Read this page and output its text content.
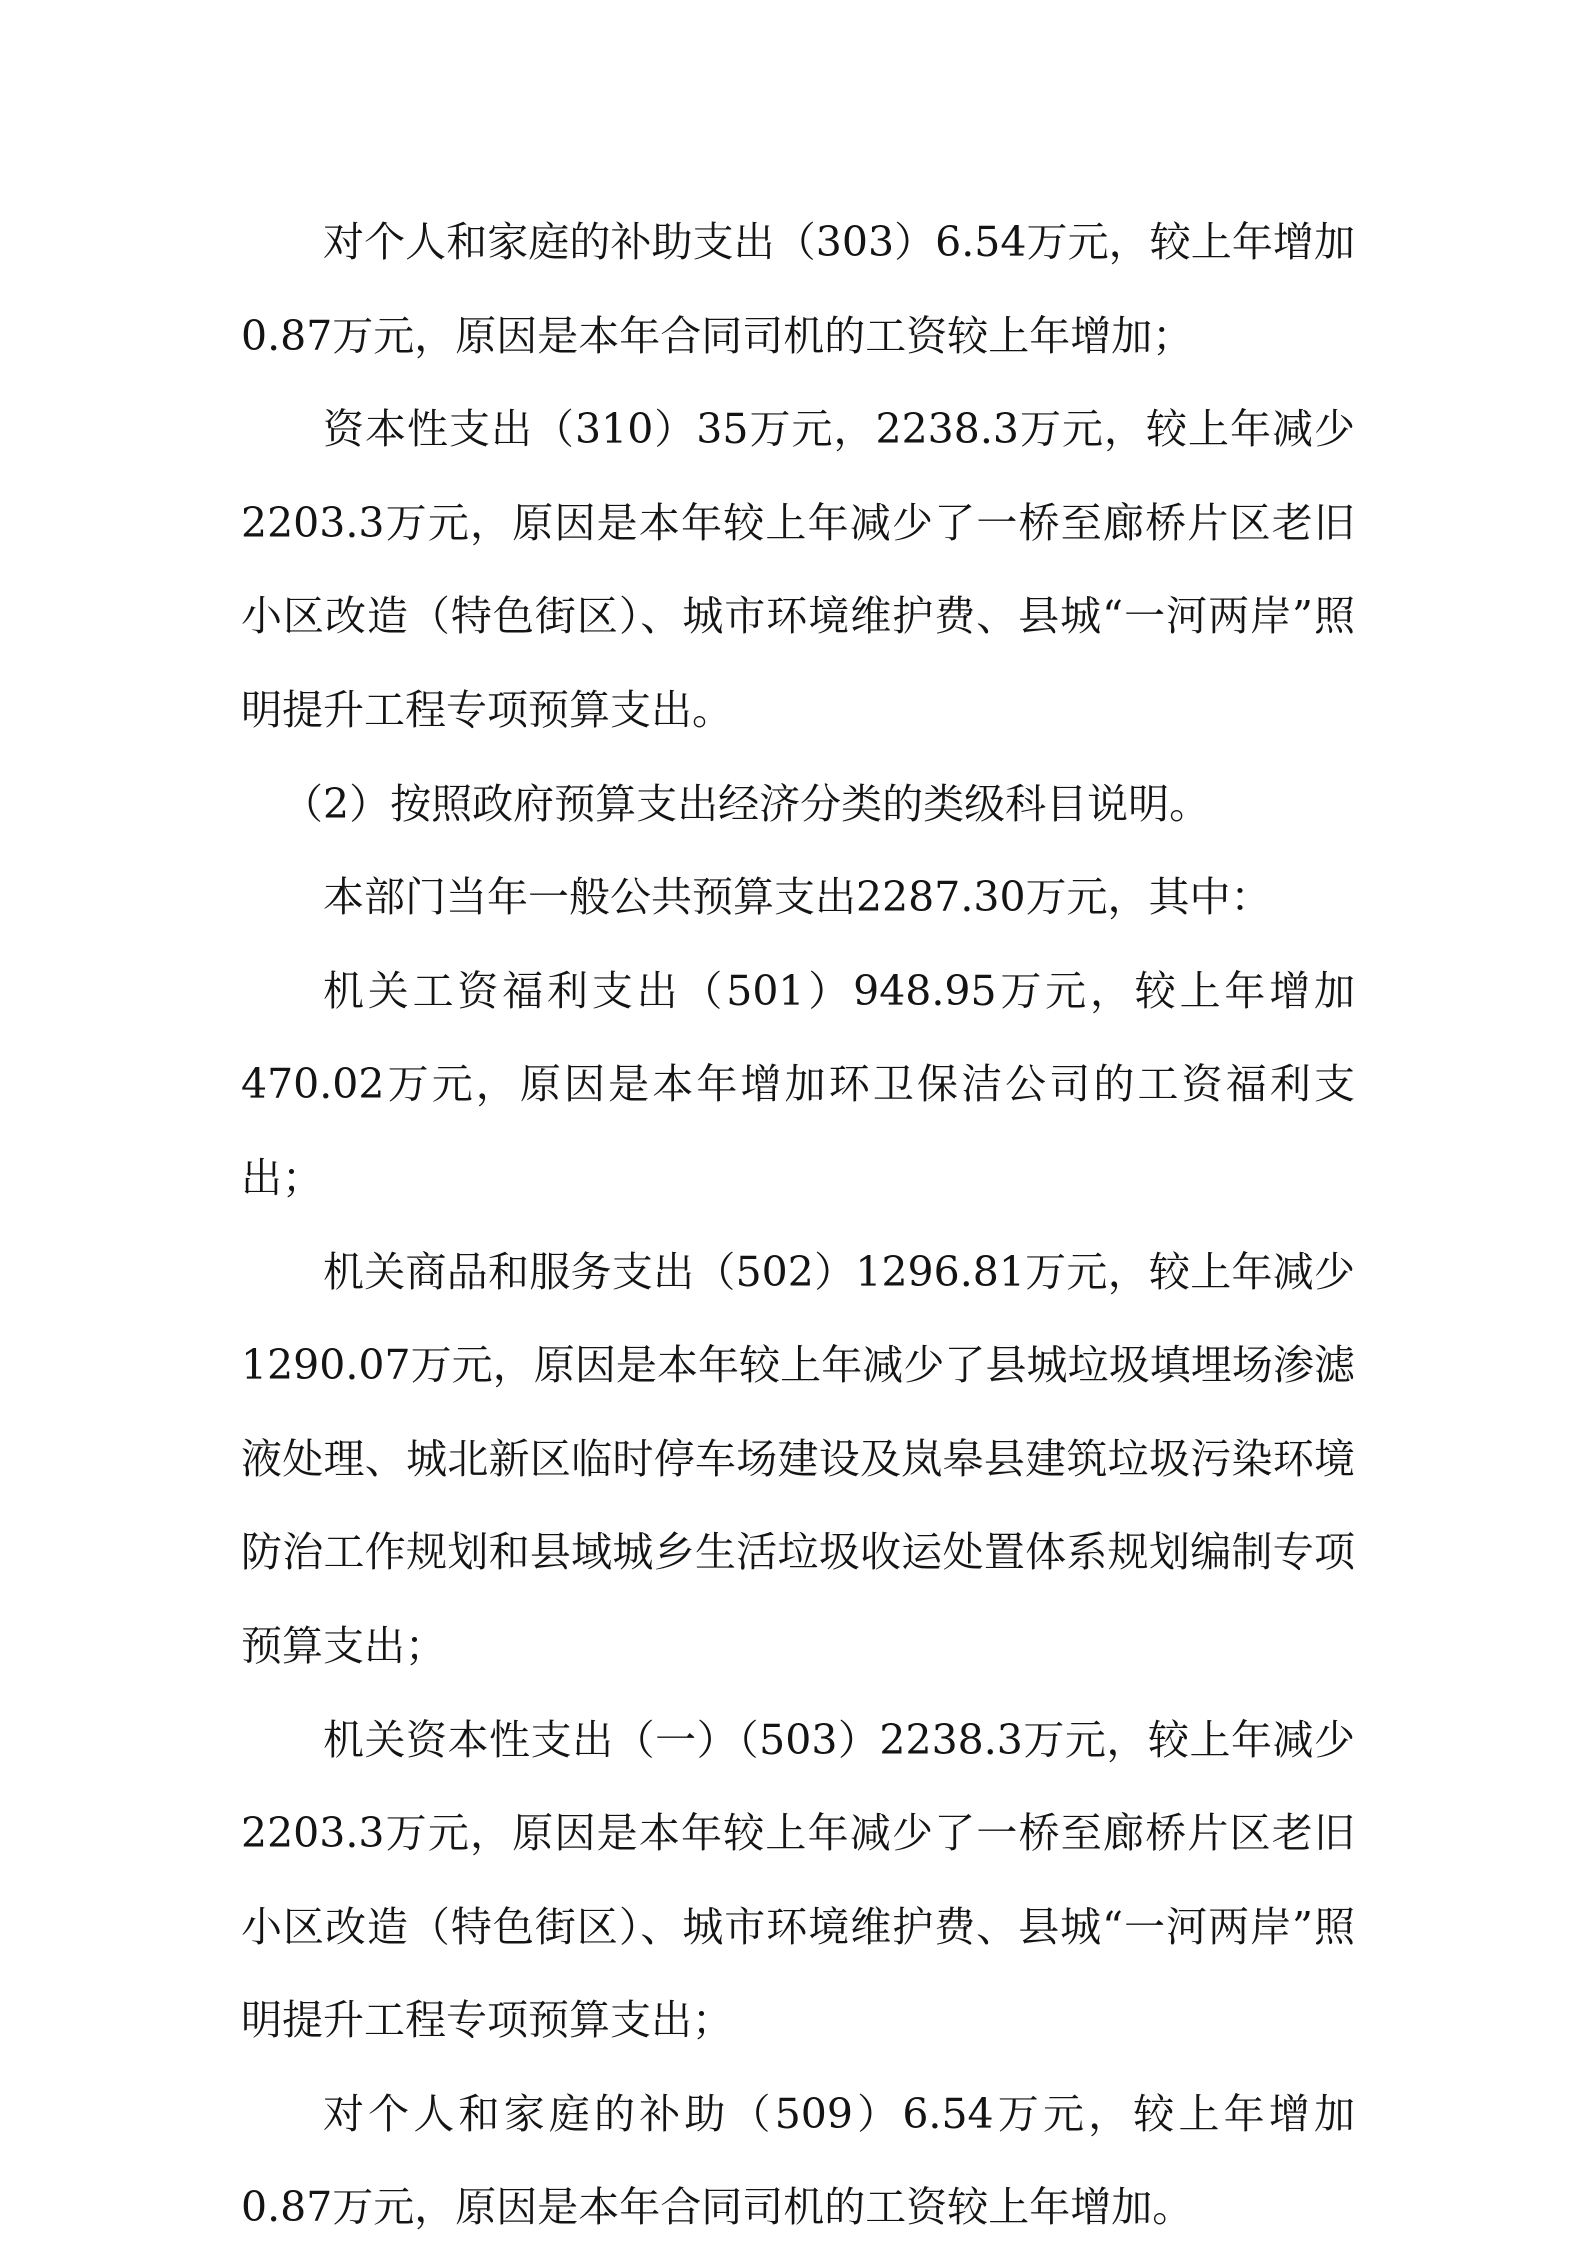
对个人和家庭的补助支出（303）6.54万元，较上年增加0.87万元，原因是本年合同司机的工资较上年增加；

资本性支出（310）35万元，2238.3万元，较上年减少2203.3万元，原因是本年较上年减少了一桥至廊桥片区老旧小区改造（特色街区）、城市环境维护费、县城“一河两岸”照明提升工程专项预算支出。

（2）按照政府预算支出经济分类的类级科目说明。

本部门当年一般公共预算支出2287.30万元，其中：

机关工资福利支出（501）948.95万元，较上年增加470.02万元，原因是本年增加环卫保洁公司的工资福利支出；

机关商品和服务支出（502）1296.81万元，较上年减少1290.07万元，原因是本年较上年减少了县城垃圾填埋场渗滤液处理、城北新区临时停车场建设及岚皋县建筑垃圾污染环境防治工作规划和县域城乡生活垃圾收运处置体系规划编制专项预算支出；

机关资本性支出（一）（503）2238.3万元，较上年减少2203.3万元，原因是本年较上年减少了一桥至廊桥片区老旧小区改造（特色街区）、城市环境维护费、县城“一河两岸”照明提升工程专项预算支出；

对个人和家庭的补助（509）6.54万元，较上年增加0.87万元，原因是本年合同司机的工资较上年增加。
